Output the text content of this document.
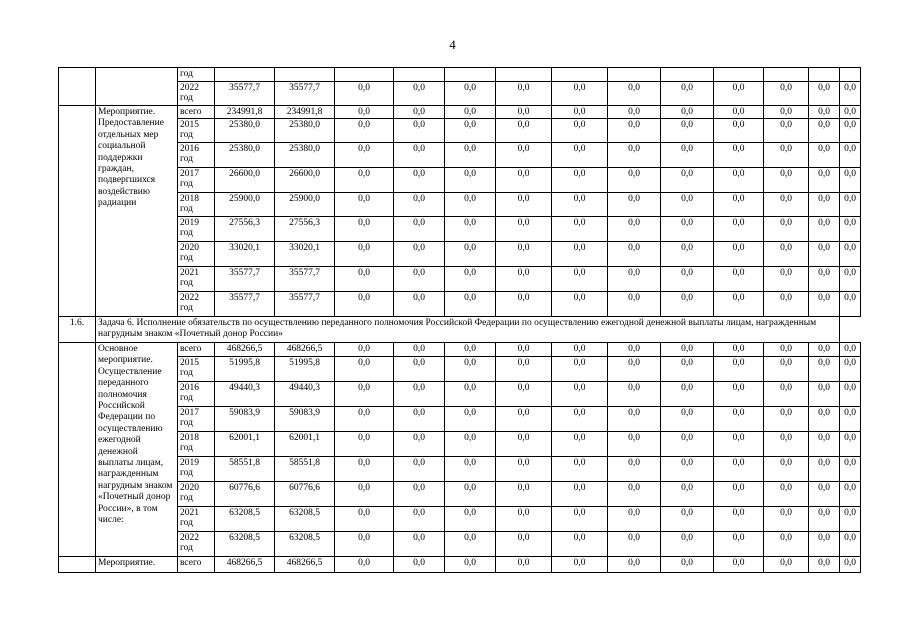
4
		год													
		2022 год	35577,7	35577,7	0,0	0,0	0,0	0,0	0,0	0,0	0,0	0,0	0,0	0,0	0,0
	Мероприятие. Предоставление отдельных мер социальной поддержки граждан, подвергшихся воздействию радиации	всего	234991,8	234991,8	0,0	0,0	0,0	0,0	0,0	0,0	0,0	0,0	0,0	0,0	0,0
		2015 год	25380,0	25380,0	0,0	0,0	0,0	0,0	0,0	0,0	0,0	0,0	0,0	0,0	0,0
		2016 год	25380,0	25380,0	0,0	0,0	0,0	0,0	0,0	0,0	0,0	0,0	0,0	0,0	0,0
		2017 год	26600,0	26600,0	0,0	0,0	0,0	0,0	0,0	0,0	0,0	0,0	0,0	0,0	0,0
		2018 год	25900,0	25900,0	0,0	0,0	0,0	0,0	0,0	0,0	0,0	0,0	0,0	0,0	0,0
		2019 год	27556,3	27556,3	0,0	0,0	0,0	0,0	0,0	0,0	0,0	0,0	0,0	0,0	0,0
		2020 год	33020,1	33020,1	0,0	0,0	0,0	0,0	0,0	0,0	0,0	0,0	0,0	0,0	0,0
		2021 год	35577,7	35577,7	0,0	0,0	0,0	0,0	0,0	0,0	0,0	0,0	0,0	0,0	0,0
		2022 год	35577,7	35577,7	0,0	0,0	0,0	0,0	0,0	0,0	0,0	0,0	0,0	0,0	0,0
1.6.	Задача 6. Исполнение обязательств по осуществлению переданного полномочия Российской Федерации по осуществлению ежегодной денежной выплаты лицам, награжденным нагрудным знаком «Почетный донор России»														
	Основное мероприятие. Осуществление переданного полномочия Российской Федерации по осуществлению ежегодной денежной выплаты лицам, награжденным нагрудным знаком «Почетный донор России», в том числе:	всего	468266,5	468266,5	0,0	0,0	0,0	0,0	0,0	0,0	0,0	0,0	0,0	0,0	0,0
		2015 год	51995,8	51995,8	0,0	0,0	0,0	0,0	0,0	0,0	0,0	0,0	0,0	0,0	0,0
		2016 год	49440,3	49440,3	0,0	0,0	0,0	0,0	0,0	0,0	0,0	0,0	0,0	0,0	0,0
		2017 год	59083,9	59083,9	0,0	0,0	0,0	0,0	0,0	0,0	0,0	0,0	0,0	0,0	0,0
		2018 год	62001,1	62001,1	0,0	0,0	0,0	0,0	0,0	0,0	0,0	0,0	0,0	0,0	0,0
		2019 год	58551,8	58551,8	0,0	0,0	0,0	0,0	0,0	0,0	0,0	0,0	0,0	0,0	0,0
		2020 год	60776,6	60776,6	0,0	0,0	0,0	0,0	0,0	0,0	0,0	0,0	0,0	0,0	0,0
		2021 год	63208,5	63208,5	0,0	0,0	0,0	0,0	0,0	0,0	0,0	0,0	0,0	0,0	0,0
		2022 год	63208,5	63208,5	0,0	0,0	0,0	0,0	0,0	0,0	0,0	0,0	0,0	0,0	0,0
	Мероприятие.	всего	468266,5	468266,5	0,0	0,0	0,0	0,0	0,0	0,0	0,0	0,0	0,0	0,0	0,0
